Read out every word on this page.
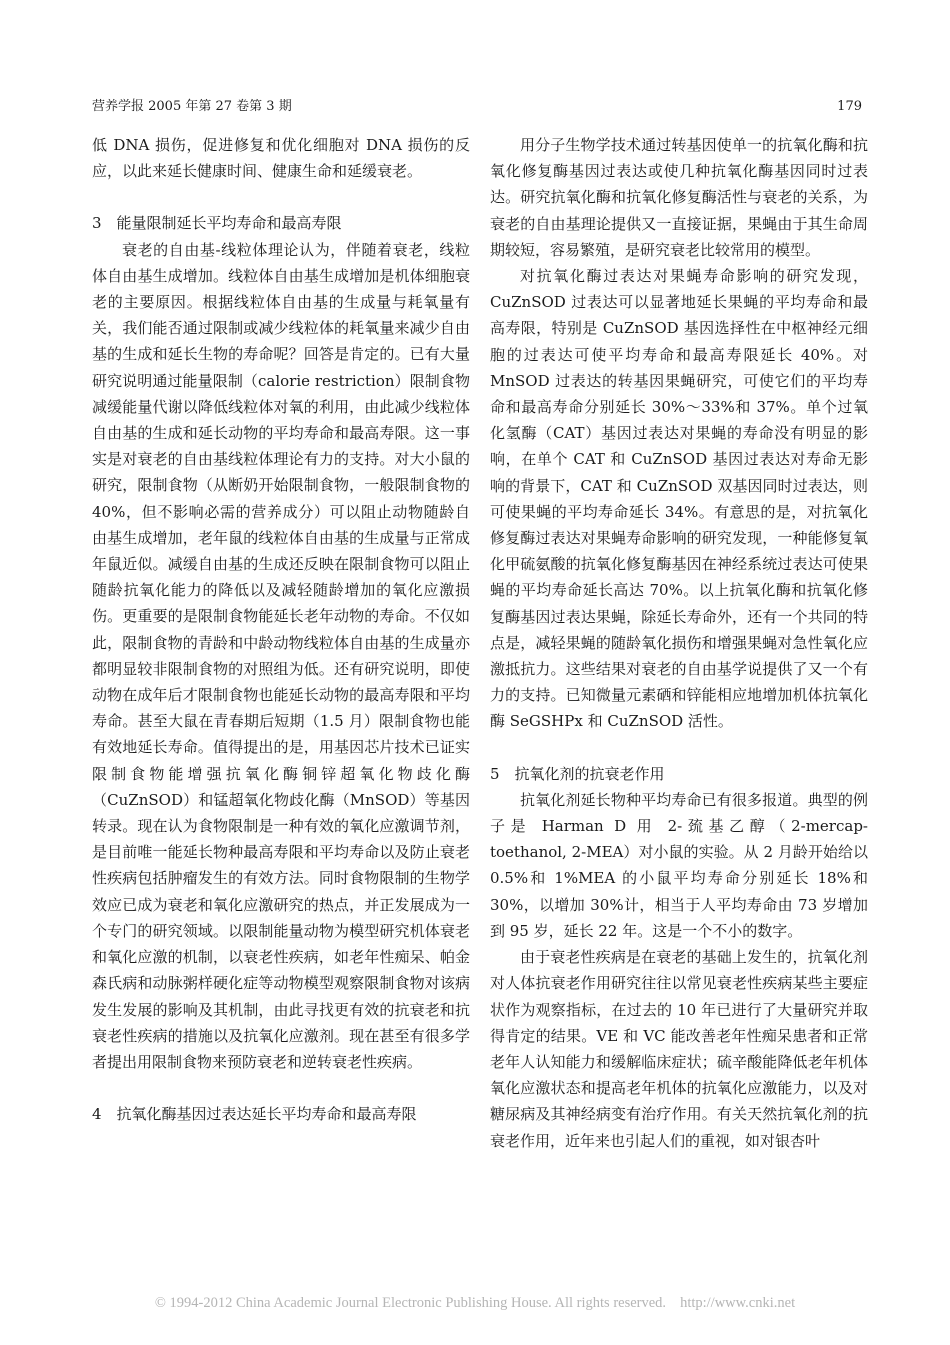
营养学报 2005 年第 27 卷第 3 期	179

低 DNA 损伤，促进修复和优化细胞对 DNA 损伤的反应，以此来延长健康时间、健康生命和延缓衰老。

3　能量限制延长平均寿命和最高寿限

衰老的自由基-线粒体理论认为，伴随着衰老，线粒体自由基生成增加。线粒体自由基生成增加是机体细胞衰老的主要原因。根据线粒体自由基的生成量与耗氧量有关，我们能否通过限制或减少线粒体的耗氧量来减少自由基的生成和延长生物的寿命呢？回答是肯定的。已有大量研究说明通过能量限制（calorie restriction）限制食物减缓能量代谢以降低线粒体对氧的利用，由此减少线粒体自由基的生成和延长动物的平均寿命和最高寿限。这一事实是对衰老的自由基线粒体理论有力的支持。对大小鼠的研究，限制食物（从断奶开始限制食物，一般限制食物的 40%，但不影响必需的营养成分）可以阻止动物随龄自由基生成增加，老年鼠的线粒体自由基的生成量与正常成年鼠近似。减缓自由基的生成还反映在限制食物可以阻止随龄抗氧化能力的降低以及减轻随龄增加的氧化应激损伤。更重要的是限制食物能延长老年动物的寿命。不仅如此，限制食物的青龄和中龄动物线粒体自由基的生成量亦都明显较非限制食物的对照组为低。还有研究说明，即使动物在成年后才限制食物也能延长动物的最高寿限和平均寿命。甚至大鼠在青春期后短期（1.5 月）限制食物也能有效地延长寿命。值得提出的是，用基因芯片技术已证实限制食物能增强抗氧化酶铜锌超氧化物歧化酶（CuZnSOD）和锰超氧化物歧化酶（MnSOD）等基因转录。现在认为食物限制是一种有效的氧化应激调节剂，是目前唯一能延长物种最高寿限和平均寿命以及防止衰老性疾病包括肿瘤发生的有效方法。同时食物限制的生物学效应已成为衰老和氧化应激研究的热点，并正发展成为一个专门的研究领域。以限制能量动物为模型研究机体衰老和氧化应激的机制，以衰老性疾病，如老年性痴呆、帕金森氏病和动脉粥样硬化症等动物模型观察限制食物对该病发生发展的影响及其机制，由此寻找更有效的抗衰老和抗衰老性疾病的措施以及抗氧化应激剂。现在甚至有很多学者提出用限制食物来预防衰老和逆转衰老性疾病。

4　抗氧化酶基因过表达延长平均寿命和最高寿限

用分子生物学技术通过转基因使单一的抗氧化酶和抗氧化修复酶基因过表达或使几种抗氧化酶基因同时过表达。研究抗氧化酶和抗氧化修复酶活性与衰老的关系，为衰老的自由基理论提供又一直接证据，果蝇由于其生命周期较短，容易繁殖，是研究衰老比较常用的模型。

对抗氧化酶过表达对果蝇寿命影响的研究发现，CuZnSOD 过表达可以显著地延长果蝇的平均寿命和最高寿限，特别是 CuZnSOD 基因选择性在中枢神经元细胞的过表达可使平均寿命和最高寿限延长 40%。对 MnSOD 过表达的转基因果蝇研究，可使它们的平均寿命和最高寿命分别延长 30%～33%和 37%。单个过氧化氢酶（CAT）基因过表达对果蝇的寿命没有明显的影响，在单个 CAT 和 CuZnSOD 基因过表达对寿命无影响的背景下，CAT 和 CuZnSOD 双基因同时过表达，则可使果蝇的平均寿命延长 34%。有意思的是，对抗氧化修复酶过表达对果蝇寿命影响的研究发现，一种能修复氧化甲硫氨酸的抗氧化修复酶基因在神经系统过表达可使果蝇的平均寿命延长高达 70%。以上抗氧化酶和抗氧化修复酶基因过表达果蝇，除延长寿命外，还有一个共同的特点是，减轻果蝇的随龄氧化损伤和增强果蝇对急性氧化应激抵抗力。这些结果对衰老的自由基学说提供了又一个有力的支持。已知微量元素硒和锌能相应地增加机体抗氧化酶 SeGSHPx 和 CuZnSOD 活性。

5　抗氧化剂的抗衰老作用

抗氧化剂延长物种平均寿命已有很多报道。典型的例子是 Harman D 用 2-巯基乙醇（2-mercap-toethanol, 2-MEA）对小鼠的实验。从 2 月龄开始给以 0.5%和 1%MEA 的小鼠平均寿命分别延长 18%和 30%，以增加 30%计，相当于人平均寿命由 73 岁增加到 95 岁，延长 22 年。这是一个不小的数字。

由于衰老性疾病是在衰老的基础上发生的，抗氧化剂对人体抗衰老作用研究往往以常见衰老性疾病某些主要症状作为观察指标，在过去的 10 年已进行了大量研究并取得肯定的结果。VE 和 VC 能改善老年性痴呆患者和正常老年人认知能力和缓解临床症状；硫辛酸能降低老年机体氧化应激状态和提高老年机体的抗氧化应激能力，以及对糖尿病及其神经病变有治疗作用。有关天然抗氧化剂的抗衰老作用，近年来也引起人们的重视，如对银杏叶

© 1994-2012 China Academic Journal Electronic Publishing House. All rights reserved. http://www.cnki.net
